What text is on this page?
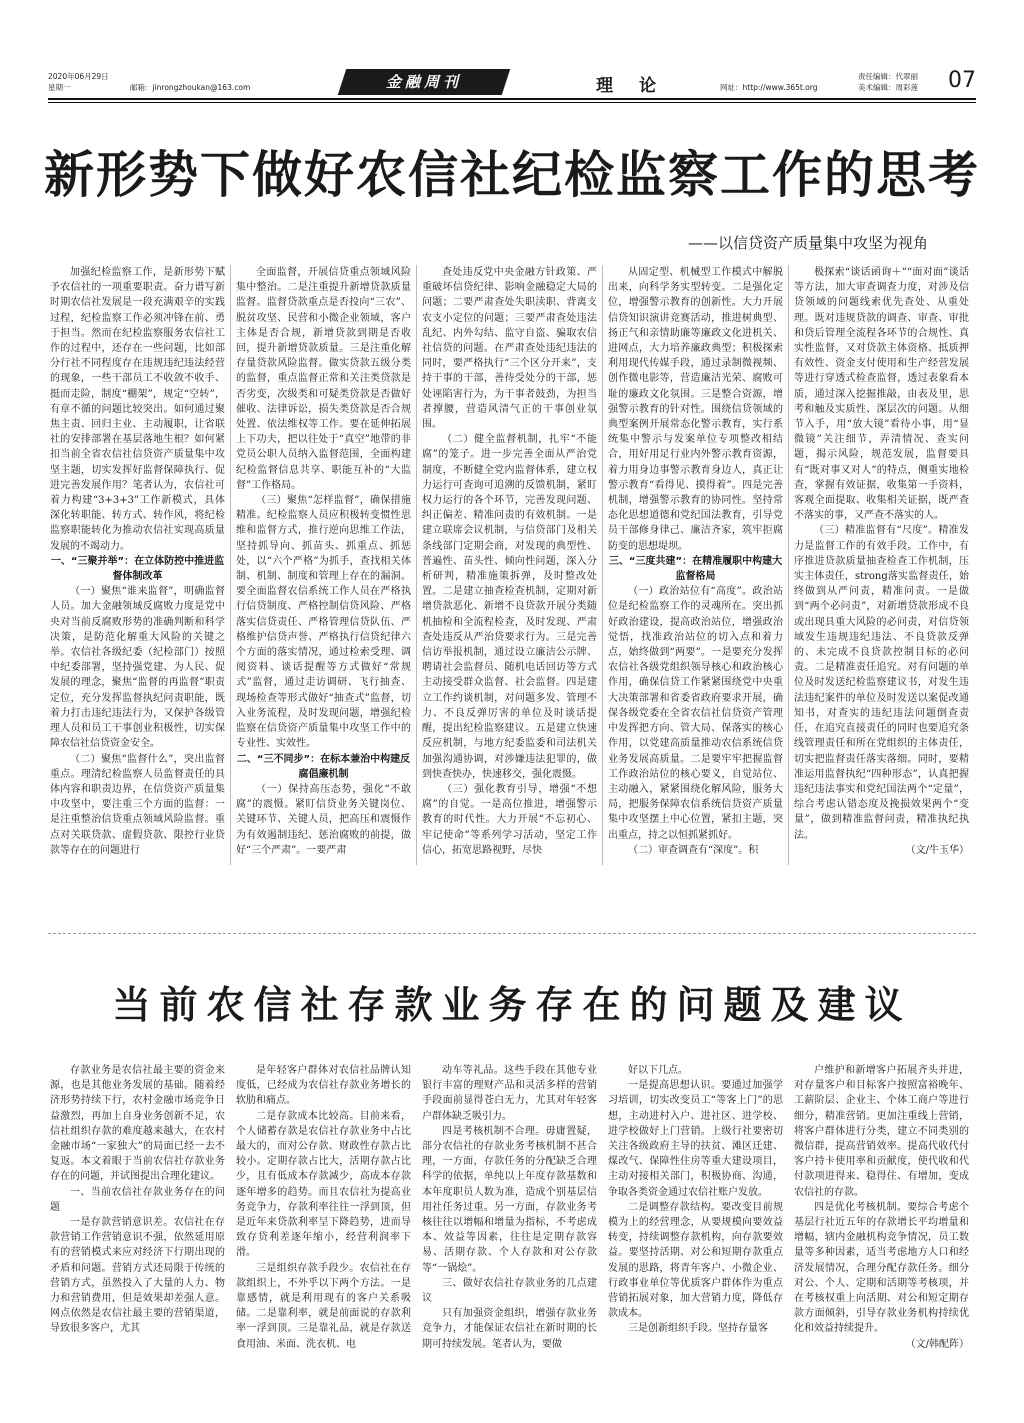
2020年06月29日
星期一	邮箱：jinrongzhoukan@163.com	金融周刊	理论	网址：http://www.365t.org
责任编辑：代翠丽
美术编辑：周彩莲 07
新形势下做好农信社纪检监察工作的思考
——以信贷资产质量集中攻坚为视角

加强纪检监察工作，是新形势下赋予农信社的一项重要职责。奋力谱写新时期农信社发展是一段充满艰辛的实践过程，纪检监察工作必须冲锋在前、勇于担当。然而在纪检监察服务农信社工作的过程中，还存在一些问题，比如部分行社不同程度存在违规违纪违法经营的现象，一些干部员工不收敛不收手、挺而走险，制度“棚架”，规定“空转”，有章不循的问题比较突出。如何通过聚焦主责、回归主业、主动履职，让省联社的安排部署在基层落地生根？如何紧扣当前全省农信社信贷资产质量集中攻坚主题，切实发挥好监督保障执行、促进完善发展作用？笔者认为，农信社可着力构建“3+3+3”工作新模式，具体深化转职能、转方式、转作风，将纪检监察职能转化为推动农信社实现高质量发展的不竭动力。

一、“三聚并举”：在立体防控中推进监督体制改革

（一）聚焦“谁来监督”，明确监督人员。加大金融领域反腐败力度是党中央对当前反腐败形势的准确判断和科学决策，是防范化解重大风险的关键之举。农信社各级纪委（纪检部门）按照中纪委部署，坚持强党建、为人民、促发展的理念，聚焦“监督的再监督”职责定位，充分发挥监督执纪问责职能，既着力打击违纪违法行为，又保护各级管理人员和员工干事创业积极性，切实保障农信社信贷资金安全。

（二）聚焦“监督什么”，突出监督重点。理清纪检监察人员监督责任的具体内容和职责边界，在信贷资产质量集中攻坚中，要注重三个方面的监督：一是注重整治信贷重点领域风险监督。重点对关联贷款、虚假贷款、限控行业贷款等存在的问题进行

全面监督，开展信贷重点领域风险集中整治。二是注重提升新增贷款质量监督。监督贷款重点是否投向“三农”、脱贫攻坚、民营和小微企业领域，客户主体是否合规，新增贷款到期是否收回，提升新增贷款质量。三是注重化解存量贷款风险监督。做实贷款五级分类的监督，重点监督正常和关注类贷款是否劣变，次级类和可疑类贷款是否做好催收、法律诉讼，损失类贷款是否合规处置、依法维权等工作。要在延伸拓展上下功夫，把以往处于“真空”地带的非党员公职人员纳入监督范围，全面构建纪检监督信息共享、职能互补的“大监督”工作格局。

（三）聚焦“怎样监督”，确保措施精准。纪检监察人员应积极转变惯性思维和监督方式，推行逆向思维工作法，坚持抓导向、抓苗头、抓重点、抓惩处，以“六个严格”为抓手，查找相关体制、机制、制度和管理上存在的漏洞。要全面监督农信系统工作人员在严格执行信贷制度、严格控制信贷风险、严格落实信贷责任、严格管理信贷队伍、严格维护信贷声誉、严格执行信贷纪律六个方面的落实情况，通过检索受理、调阅资料、谈话提醒等方式做好“常规式”监督，通过走访调研、飞行抽查、现场检查等形式做好“抽查式”监督，切入业务流程，及时发现问题，增强纪检监察在信贷资产质量集中攻坚工作中的专业性、实效性。

二、“三不同步”：在标本兼治中构建反腐倡廉机制

（一）保持高压态势，强化“不敢腐”的震慑。紧盯信贷业务关键岗位、关键环节、关键人员，把高压和震慑作为有效遏制违纪、惩治腐败的前提，做好“三个严肃”。一要严肃

查处违反党中央金融方针政策、严重破坏信贷纪律、影响金融稳定大局的问题；二要严肃查处失职渎职、背离支农支小定位的问题；三要严肃查处违法乱纪、内外勾结、监守自盗、骗取农信社信贷的问题。在严肃查处违纪违法的同时，要严格执行“三个区分开来”，支持干事的干部，善待受处分的干部，惩处诬陷害行为，为干事者鼓劲，为担当者撑腰，营造风清气正的干事创业氛围。

（二）健全监督机制，扎牢“不能腐”的笼子。进一步完善全面从严治党制度，不断健全党内监督体系，建立权力运行可查询可追溯的反馈机制，紧盯权力运行的各个环节，完善发现问题、纠正偏差、精准问责的有效机制。一是建立联席会议机制，与信贷部门及相关条线部门定期会商，对发现的典型性、普遍性、苗头性、倾向性问题，深入分析研判，精准施策拆弹，及时整改处置。二是建立抽查检查机制，定期对新增贷款恶化、新增不良贷款开展分类随机抽检和全流程检查，及时发现、严肃查处违反从严治贷要求行为。三是完善信访举报机制，通过设立廉洁公示牌、聘请社会监督员、随机电话回访等方式主动接受群众监督、社会监督。四是建立工作约谈机制，对问题多发、管理不力、不良反弹厉害的单位及时谈话提醒，提出纪检监察建议。五是建立快速反应机制，与地方纪委监委和司法机关加强沟通协调，对涉嫌违法犯罪的，做到快查快办，快速移交，强化震慑。

（三）强化教育引导，增强“不想腐”的自觉。一是高位推进，增强警示教育的时代性。大力开展“不忘初心、牢记使命”等系列学习活动，坚定工作信心，拓宽思路视野，尽快

从固定型、机械型工作模式中解脱出来，向科学务实型转变。二是强化定位，增强警示教育的创新性。大力开展信贷知识演讲竞赛活动，推进树典型、扬正气和亲情助廉等廉政文化进机关、进网点，大力培养廉政典型；积极探索利用现代传媒手段，通过录制微视频、创作微电影等，营造廉洁光荣、腐败可耻的廉政文化氛围。三是整合资源，增强警示教育的针对性。围绕信贷领域的典型案例开展常态化警示教育，实行系统集中警示与发案单位专项整改相结合，用好用足行业内外警示教育资源，着力用身边事警示教育身边人，真正让警示教育“看得见、摸得着”。四是完善机制，增强警示教育的协同性。坚持常态化思想道德和党纪国法教育，引导党员干部修身律己、廉洁齐家，筑牢拒腐防变的思想堤坝。

三、“三度共建”：在精准履职中构建大监督格局

（一）政治站位有“高度”。政治站位是纪检监察工作的灵魂所在。突出抓好政治建设，提高政治站位，增强政治觉悟，找准政治站位的切入点和着力点，始终做到“两要”。一是要充分发挥农信社各级党组织领导核心和政治核心作用，确保信贷工作紧紧围绕党中央重大决策部署和省委省政府要求开展，确保各级党委在全省农信社信贷资产管理中发挥把方向、管大局、保落实的核心作用，以党建高质量推动农信系统信贷业务发展高质量。二是要牢牢把握监督工作政治站位的核心要义，自觉站位、主动融入，紧紧围绕化解风险，服务大局，把服务保障农信系统信贷资产质量集中攻坚摆上中心位置，紧扣主题，突出重点，持之以恒抓紧抓好。

（二）审查调查有“深度”。积

极探索“谈话函询＋”“面对面”谈话等方法，加大审查调查力度，对涉及信贷领域的问题线索优先查处、从重处理。既对违规贷款的调查、审查、审批和贷后管理全流程各环节的合规性、真实性监督，又对贷款主体资格、抵质押有效性、资金支付使用和生产经营发展等进行穿透式检查监督，透过表象看本质，通过深入挖掘推敲，由表及里，思考和触及实质性、深层次的问题。从细节入手，用“放大镜”看待小事，用“显微镜”关注细节，弄清情况、查实问题，揭示风险，规范发展，监督要具有“既对事又对人”的特点，侧重实地检查，掌握有效证据，收集第一手资料，客观全面提取、收集相关证据，既严查不落实的事，又严查不落实的人。

（三）精准监督有“尺度”。精准发力是监督工作的有效手段。工作中，有序推进贷款质量抽查检查工作机制，压实主体责任，strong落实监督责任，始终做到从严问责，精准问责。一是做到“两个必问责”，对新增贷款形成不良或出现具重大风险的必问责，对信贷领域发生违规违纪违法、不良贷款反弹的、未完成不良贷款控制目标的必问责。二是精准责任追究。对有问题的单位及时发送纪检监察建议书，对发生违法违纪案件的单位及时发送以案促改通知书，对查实的违纪违法问题倒查责任，在追究直接责任的同时也要追究条线管理责任和所在党组织的主体责任，切实把监督责任落实落细。同时，要精准运用监督执纪“四种形态”，认真把握违纪违法事实和党纪国法两个“定量”，综合考虑认错态度及挽损效果两个“变量”，做到精准监督问责，精准执纪执法。

（文/牛玉华）

当前农信社存款业务存在的问题及建议

存款业务是农信社最主要的资金来源，也是其他业务发展的基础。随着经济形势持续下行，农村金融市场竞争日益激烈，再加上自身业务创新不足，农信社组织存款的难度越来越大，在农村金融市场“一家独大”的局面已经一去不复返。本文着眼于当前农信社存款业务存在的问题，并试图提出合理化建议。

一、当前农信社存款业务存在的问题

一是存款营销意识差。农信社在存款营销工作营销意识不强，依然延用原有的营销模式来应对经济下行期出现的矛盾和问题。营销方式还局限于传统的营销方式，虽然投入了大量的人力、物力和营销费用，但是效果却差强人意。网点依然是农信社最主要的营销渠道，导致很多客户，尤其

是年轻客户群体对农信社品牌认知度低，已经成为农信社存款业务增长的软肋和痛点。

二是存款成本比较高。目前来看，个人储蓄存款是农信社存款业务中占比最大的，而对公存款、财政性存款占比较小。定期存款占比大，活期存款占比少，且有低成本存款减少，高成本存款逐年增多的趋势。而且农信社为提高业务竞争力，存款利率往往一浮到顶，但是近年来贷款利率呈下降趋势，进而导致存贷利差逐年缩小，经营利润率下滑。

三是组织存款手段少。农信社在存款组织上，不外乎以下两个方法。一是靠感情，就是利用现有的客户关系吸储。二是靠利率，就是前面说的存款利率一浮到顶。三是靠礼品，就是存款送食用油、米面、洗衣机、电

动车等礼品。这些手段在其他专业银行丰富的理财产品和灵活多样的营销手段面前显得苍白无力，尤其对年轻客户群体缺乏吸引力。

四是考核机制不合理。毋庸置疑，部分农信社的存款业务考核机制不甚合理，一方面，存款任务的分配缺乏合理科学的依据，单纯以上年度存款基数和本年度职员人数为准，造成个别基层信用社任务过重。另一方面，存款业务考核往往以增幅和增量为指标，不考虑成本、效益等因素，往往是定期存款容易、活期存款、个人存款和对公存款等“一锅烩”。

三、做好农信社存款业务的几点建议

只有加强资金组织，增强存款业务竞争力，才能保证农信社在新时期的长期可持续发展。笔者认为，要做

好以下几点。

一是提高思想认识。要通过加强学习培训，切实改变员工“等客上门”的思想，主动进村入户、进社区、进学校、进学校做好上门营销。上级行社要密切关注各级政府主导的扶贫、滩区迁建、煤改气、保障性住房等重大建设项目，主动对接相关部门，积极协商、沟通，争取各类资金通过农信社账户发放。

二是调整存款结构。要改变目前规模为上的经营理念，从要规模向要效益转变，持续调整存款机构，向存款要效益。要坚持活期、对公和短期存款重点发展的思路，将青年客户、小微企业、行政事业单位等优质客户群体作为重点营销拓展对象，加大营销力度，降低存款成本。

三是创新组织手段。坚持存量客

户维护和新增客户拓展齐头并进，对存量客户和目标客户按照富裕晚年、工薪阶层、企业主、个体工商户等进行细分，精准营销。更加注重线上营销，将客户群体进行分类，建立不同类别的微信群，提高营销效率。提高代收代付客户持卡使用率和贡献度，使代收和代付款项进得来、稳得住、有增加，变成农信社的存款。

四是优化考核机制。要综合考虑个基层行社近五年的存款增长平均增量和增幅，辖内金融机构竞争情况，员工数量等多种因素，适当考虑地方人口和经济发展情况，合理分配存款任务。细分对公、个人、定期和活期等考核项，并在考核权重上向活期、对公和短定期存款方面倾斜，引导存款业务机构持续优化和效益持续提升。

（文/韩配阵）
